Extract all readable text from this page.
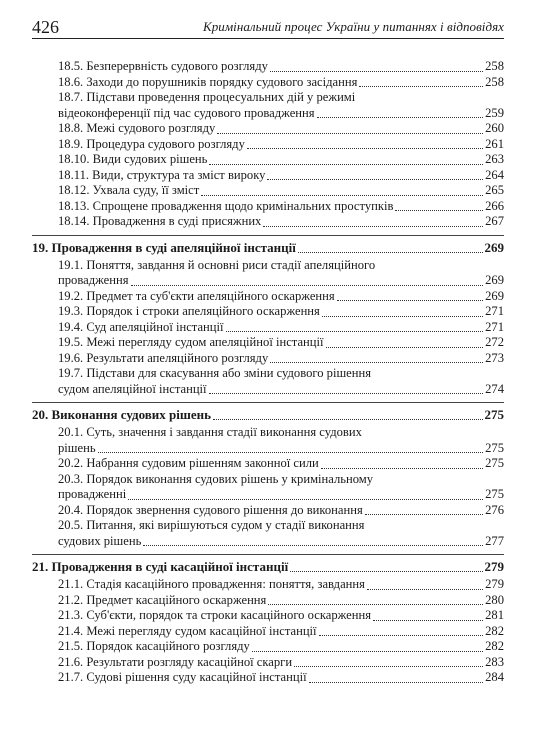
426	Кримінальний процес України у питаннях і відповідях
18.5. Безперервність судового розгляду	258
18.6. Заходи до порушників порядку судового засідання	258
18.7. Підстави проведення процесуальних дій у режимі
відеоконференції під час судового провадження	259
18.8. Межі судового розгляду	260
18.9. Процедура судового розгляду	261
18.10. Види судових рішень	263
18.11. Види, структура та зміст вироку	264
18.12. Ухвала суду, її зміст	265
18.13. Спрощене провадження щодо кримінальних проступків	266
18.14. Провадження в суді присяжних	267
19. Провадження в суді апеляційної інстанції	269
19.1. Поняття, завдання й основні риси стадії апеляційного
провадження	269
19.2. Предмет та суб'єкти апеляційного оскарження	269
19.3. Порядок і строки апеляційного оскарження	271
19.4. Суд апеляційної інстанції	271
19.5. Межі перегляду судом апеляційної інстанції	272
19.6. Результати апеляційного розгляду	273
19.7. Підстави для скасування або зміни судового рішення
судом апеляційної інстанції	274
20. Виконання судових рішень	275
20.1. Суть, значення і завдання стадії виконання судових
рішень	275
20.2. Набрання судовим рішенням законної сили	275
20.3. Порядок виконання судових рішень у кримінальному
провадженні	275
20.4. Порядок звернення судового рішення до виконання	276
20.5. Питання, які вирішуються судом у стадії виконання
судових рішень	277
21. Провадження в суді касаційної інстанції	279
21.1. Стадія касаційного провадження: поняття, завдання	279
21.2. Предмет касаційного оскарження	280
21.3. Суб'єкти, порядок та строки касаційного оскарження	281
21.4. Межі перегляду судом касаційної інстанції	282
21.5. Порядок касаційного розгляду	282
21.6. Результати розгляду касаційної скарги	283
21.7. Судові рішення суду касаційної інстанції	284
